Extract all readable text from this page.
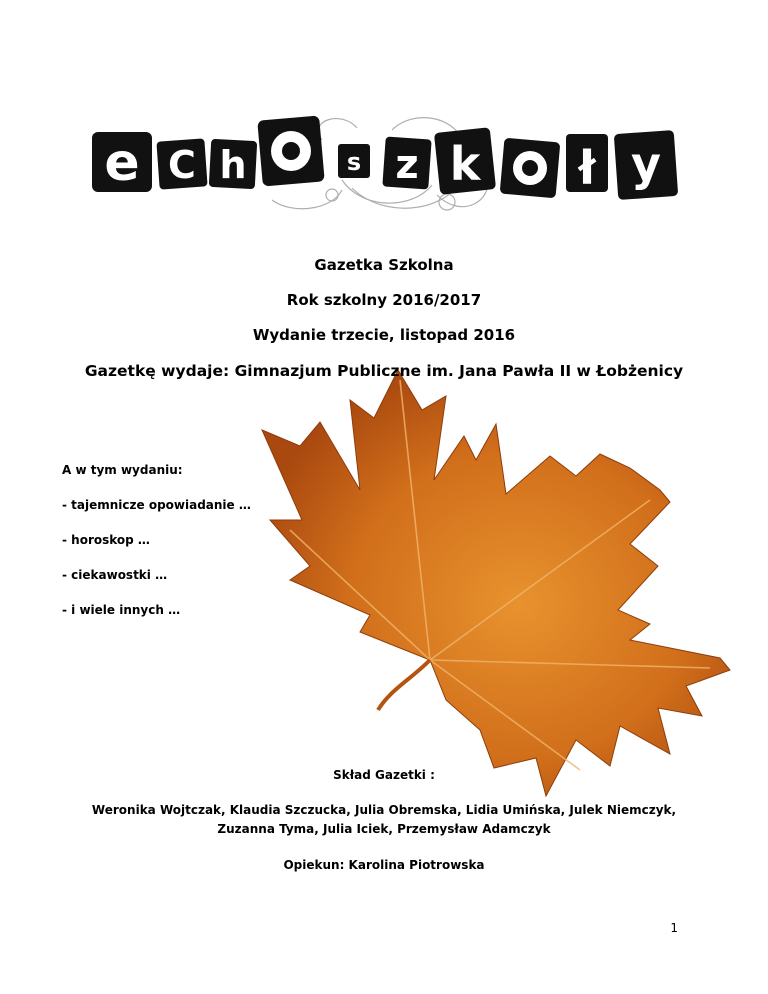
e C h	s z k ł y
Gazetka Szkolna
Rok szkolny 2016/2017
Wydanie trzecie, listopad 2016
Gazetkę wydaje: Gimnazjum Publiczne im. Jana Pawła II w Łobżenicy
A w tym wydaniu:
- tajemnicze opowiadanie …
- horoskop …
- ciekawostki …
- i wiele innych …
Skład Gazetki :
Weronika Wojtczak, Klaudia Szczucka, Julia Obremska, Lidia Umińska, Julek Niemczyk,
Zuzanna Tyma, Julia Iciek, Przemysław Adamczyk
Opiekun: Karolina Piotrowska
1
